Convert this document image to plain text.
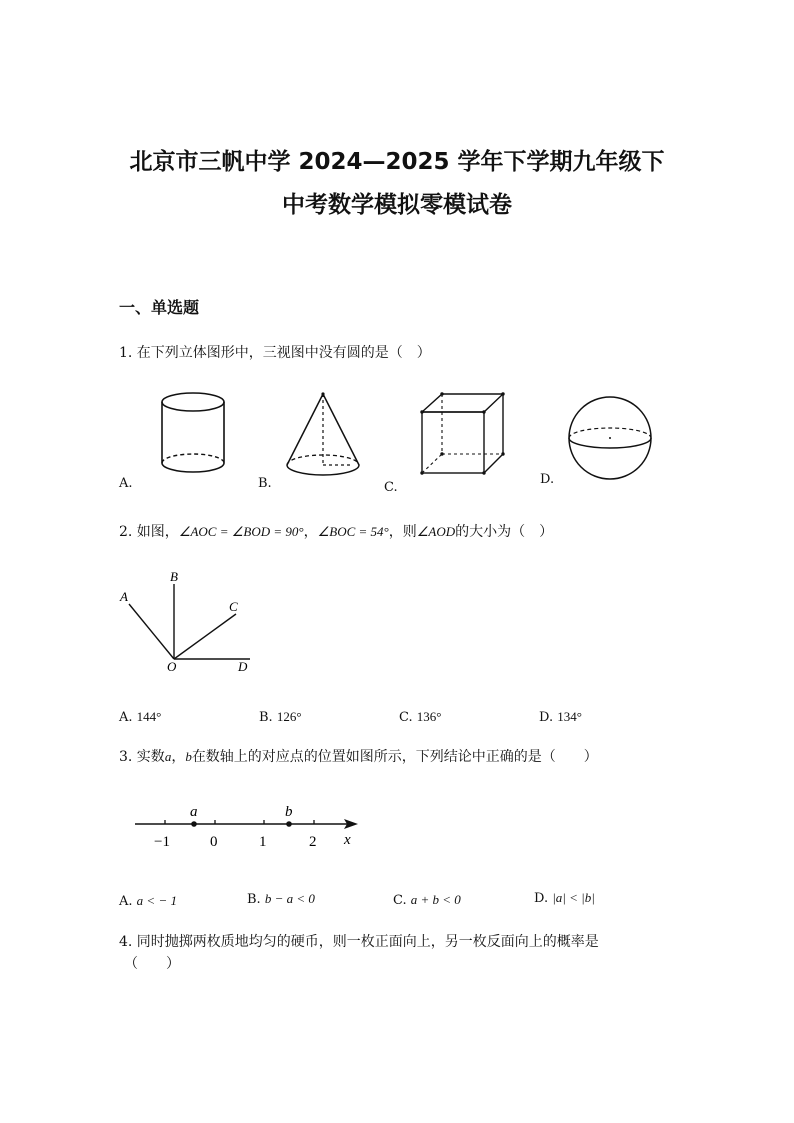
北京市三帆中学 2024—2025 学年下学期九年级下
中考数学模拟零模试卷
一、单选题
1. 在下列立体图形中，三视图中没有圆的是（　）
A.	B.	C.
D.
2. 如图，∠AOC = ∠BOD = 90°，∠BOC = 54°，则∠AOD的大小为（　）
B
A
C
O	D
A. 144°	B. 126°	C. 136°	D. 134°
3. 实数a，b在数轴上的对应点的位置如图所示，下列结论中正确的是（　　）
a	b
−1	0	1	2 x
A. a < − 1	B. b − a < 0	C. a + b < 0	D. |a| < |b|
4. 同时抛掷两枚质地均匀的硬币，则一枚正面向上，另一枚反面向上的概率是
（　　）
